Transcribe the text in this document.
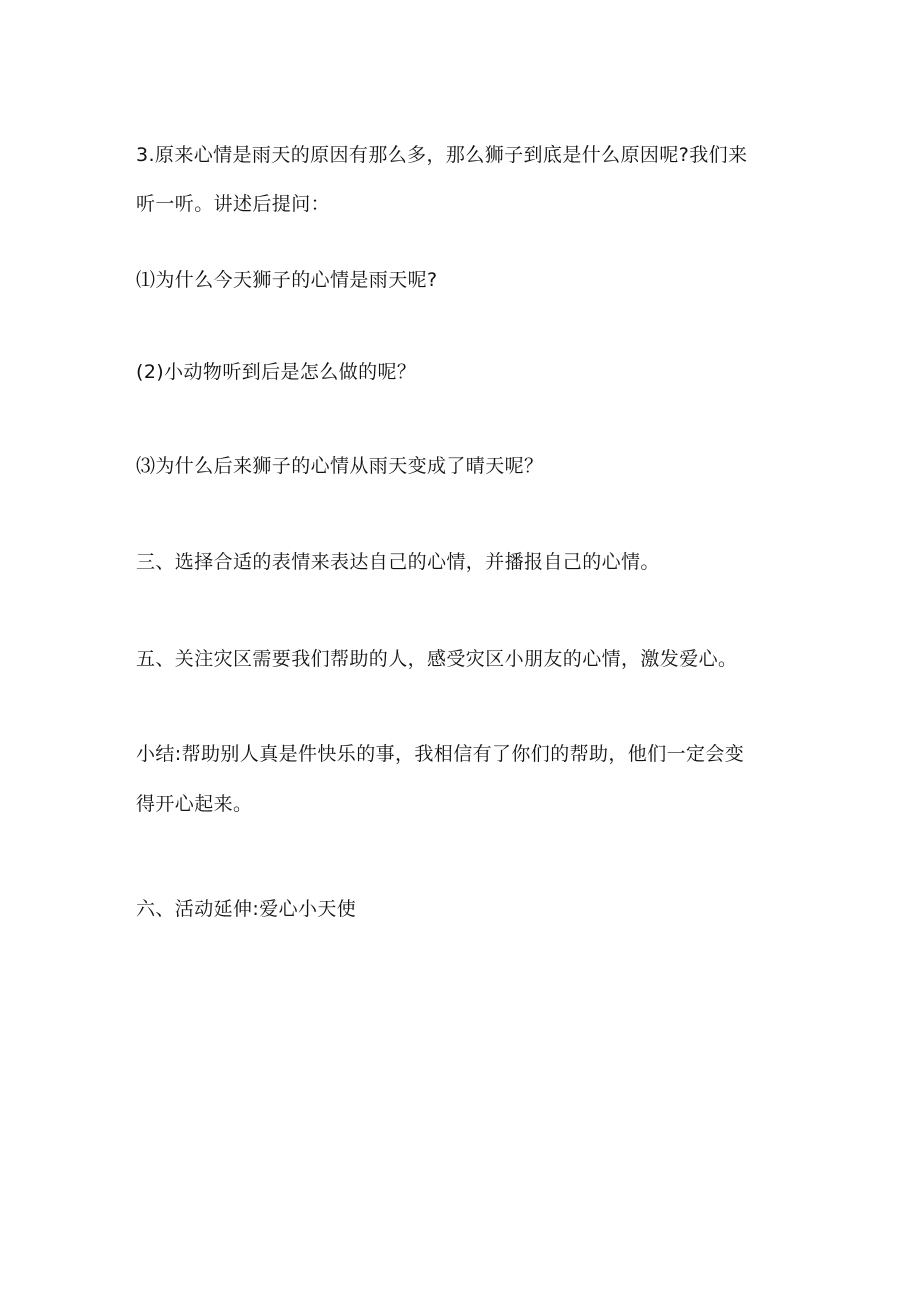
3.原来心情是雨天的原因有那么多，那么狮子到底是什么原因呢?我们来
听一听。讲述后提问：
⑴为什么今天狮子的心情是雨天呢?
(2)小动物听到后是怎么做的呢？
⑶为什么后来狮子的心情从雨天变成了晴天呢？
三、选择合适的表情来表达自己的心情，并播报自己的心情。
五、关注灾区需要我们帮助的人，感受灾区小朋友的心情，激发爱心。
小结:帮助别人真是件快乐的事，我相信有了你们的帮助，他们一定会变
得开心起来。
六、活动延伸:爱心小天使
